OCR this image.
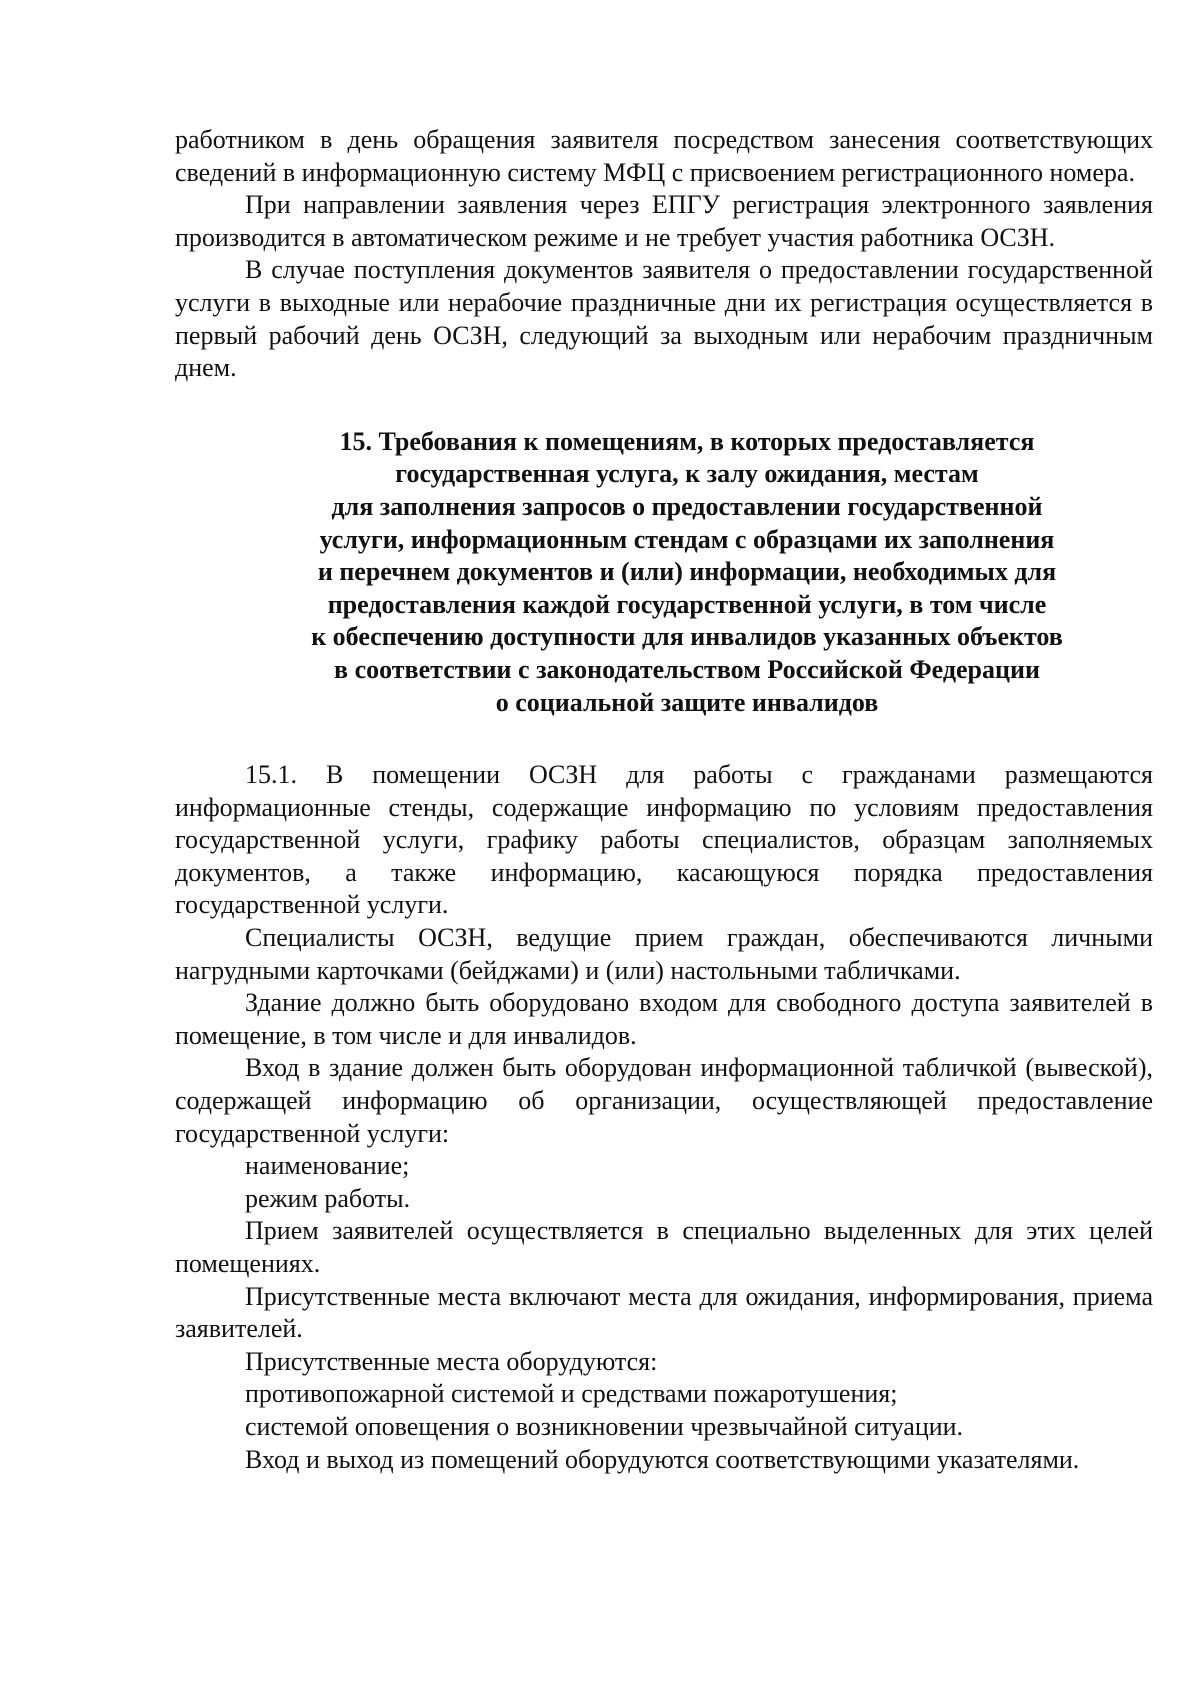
работником в день обращения заявителя посредством занесения соответствующих сведений в информационную систему МФЦ с присвоением регистрационного номера.

При направлении заявления через ЕПГУ регистрация электронного заявления производится в автоматическом режиме и не требует участия работника ОСЗН.

В случае поступления документов заявителя о предоставлении государственной услуги в выходные или нерабочие праздничные дни их регистрация осуществляется в первый рабочий день ОСЗН, следующий за выходным или нерабочим праздничным днем.

15. Требования к помещениям, в которых предоставляется
государственная услуга, к залу ожидания, местам
для заполнения запросов о предоставлении государственной
услуги, информационным стендам с образцами их заполнения
и перечнем документов и (или) информации, необходимых для
предоставления каждой государственной услуги, в том числе
к обеспечению доступности для инвалидов указанных объектов
в соответствии с законодательством Российской Федерации
о социальной защите инвалидов

15.1. В помещении ОСЗН для работы с гражданами размещаются информационные стенды, содержащие информацию по условиям предоставления государственной услуги, графику работы специалистов, образцам заполняемых документов, а также информацию, касающуюся порядка предоставления государственной услуги.

Специалисты ОСЗН, ведущие прием граждан, обеспечиваются личными нагрудными карточками (бейджами) и (или) настольными табличками.

Здание должно быть оборудовано входом для свободного доступа заявителей в помещение, в том числе и для инвалидов.

Вход в здание должен быть оборудован информационной табличкой (вывеской), содержащей информацию об организации, осуществляющей предоставление государственной услуги:

наименование;

режим работы.

Прием заявителей осуществляется в специально выделенных для этих целей помещениях.

Присутственные места включают места для ожидания, информирования, приема заявителей.

Присутственные места оборудуются:

противопожарной системой и средствами пожаротушения;

системой оповещения о возникновении чрезвычайной ситуации.

Вход и выход из помещений оборудуются соответствующими указателями.
